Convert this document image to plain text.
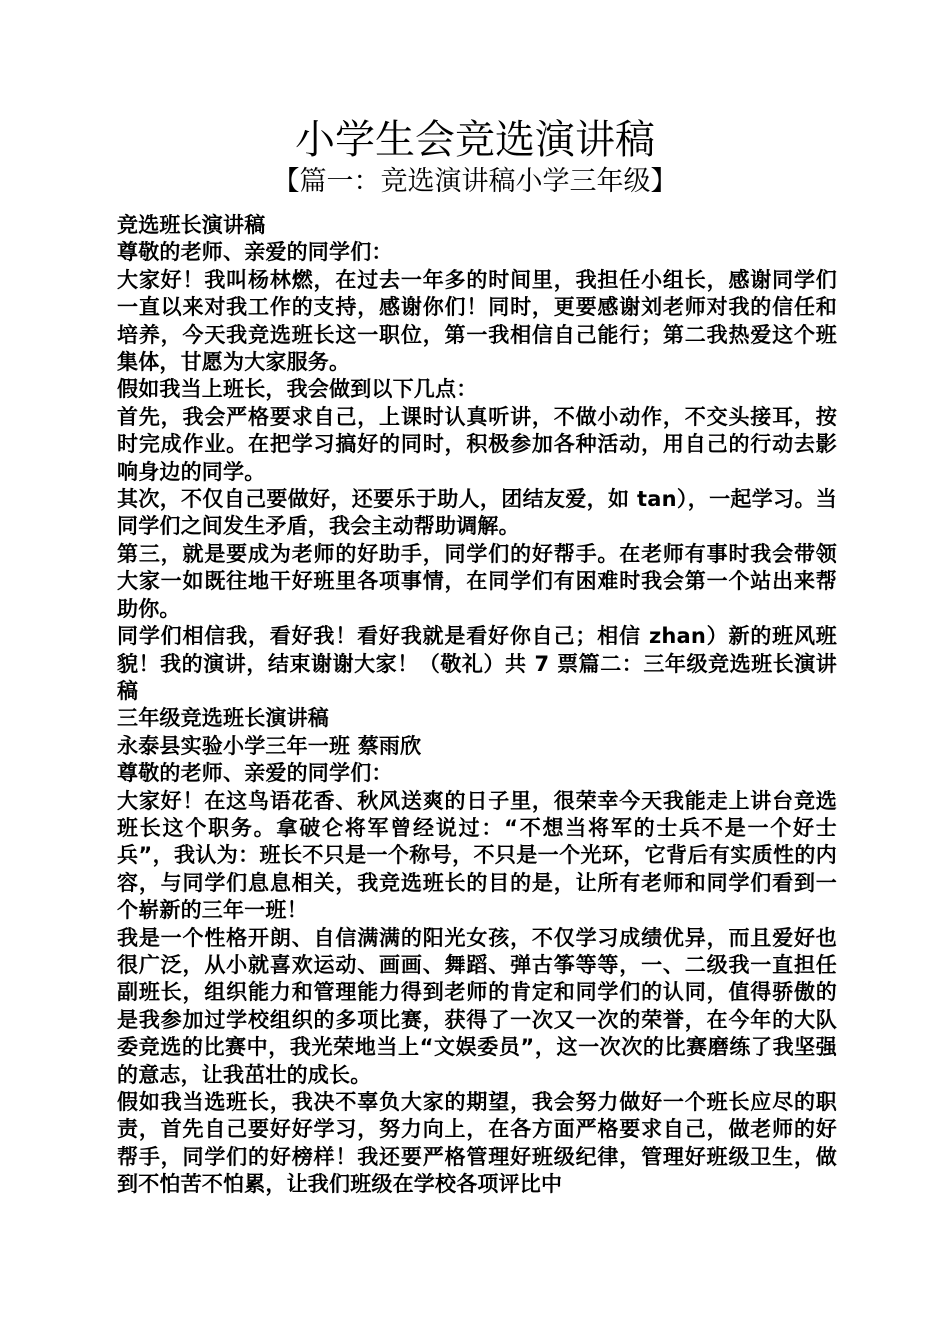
小学生会竞选演讲稿
【篇一：竞选演讲稿小学三年级】

竞选班长演讲稿

尊敬的老师、亲爱的同学们：

大家好！我叫杨林燃，在过去一年多的时间里，我担任小组长，感谢同学们一直以来对我工作的支持，感谢你们！同时，更要感谢刘老师对我的信任和培养，今天我竞选班长这一职位，第一我相信自己能行；第二我热爱这个班集体，甘愿为大家服务。

假如我当上班长，我会做到以下几点：

首先，我会严格要求自己，上课时认真听讲，不做小动作，不交头接耳，按时完成作业。在把学习搞好的同时，积极参加各种活动，用自己的行动去影响身边的同学。

其次，不仅自己要做好，还要乐于助人，团结友爱，如 tan），一起学习。当同学们之间发生矛盾，我会主动帮助调解。

第三，就是要成为老师的好助手，同学们的好帮手。在老师有事时我会带领大家一如既往地干好班里各项事情，在同学们有困难时我会第一个站出来帮助你。

同学们相信我，看好我！看好我就是看好你自己；相信 zhan）新的班风班貌！我的演讲，结束谢谢大家！（敬礼）共 7 票篇二：三年级竞选班长演讲稿

三年级竞选班长演讲稿

永泰县实验小学三年一班 蔡雨欣

尊敬的老师、亲爱的同学们：

大家好！在这鸟语花香、秋风送爽的日子里，很荣幸今天我能走上讲台竞选班长这个职务。拿破仑将军曾经说过：“不想当将军的士兵不是一个好士兵”，我认为：班长不只是一个称号，不只是一个光环，它背后有实质性的内容，与同学们息息相关，我竞选班长的目的是，让所有老师和同学们看到一个崭新的三年一班！

我是一个性格开朗、自信满满的阳光女孩，不仅学习成绩优异，而且爱好也很广泛，从小就喜欢运动、画画、舞蹈、弹古筝等等，一、二级我一直担任副班长，组织能力和管理能力得到老师的肯定和同学们的认同，值得骄傲的是我参加过学校组织的多项比赛，获得了一次又一次的荣誉，在今年的大队委竞选的比赛中，我光荣地当上“文娱委员”，这一次次的比赛磨练了我坚强的意志，让我茁壮的成长。

假如我当选班长，我决不辜负大家的期望，我会努力做好一个班长应尽的职责，首先自己要好好学习，努力向上，在各方面严格要求自己，做老师的好帮手，同学们的好榜样！我还要严格管理好班级纪律，管理好班级卫生，做到不怕苦不怕累，让我们班级在学校各项评比中
